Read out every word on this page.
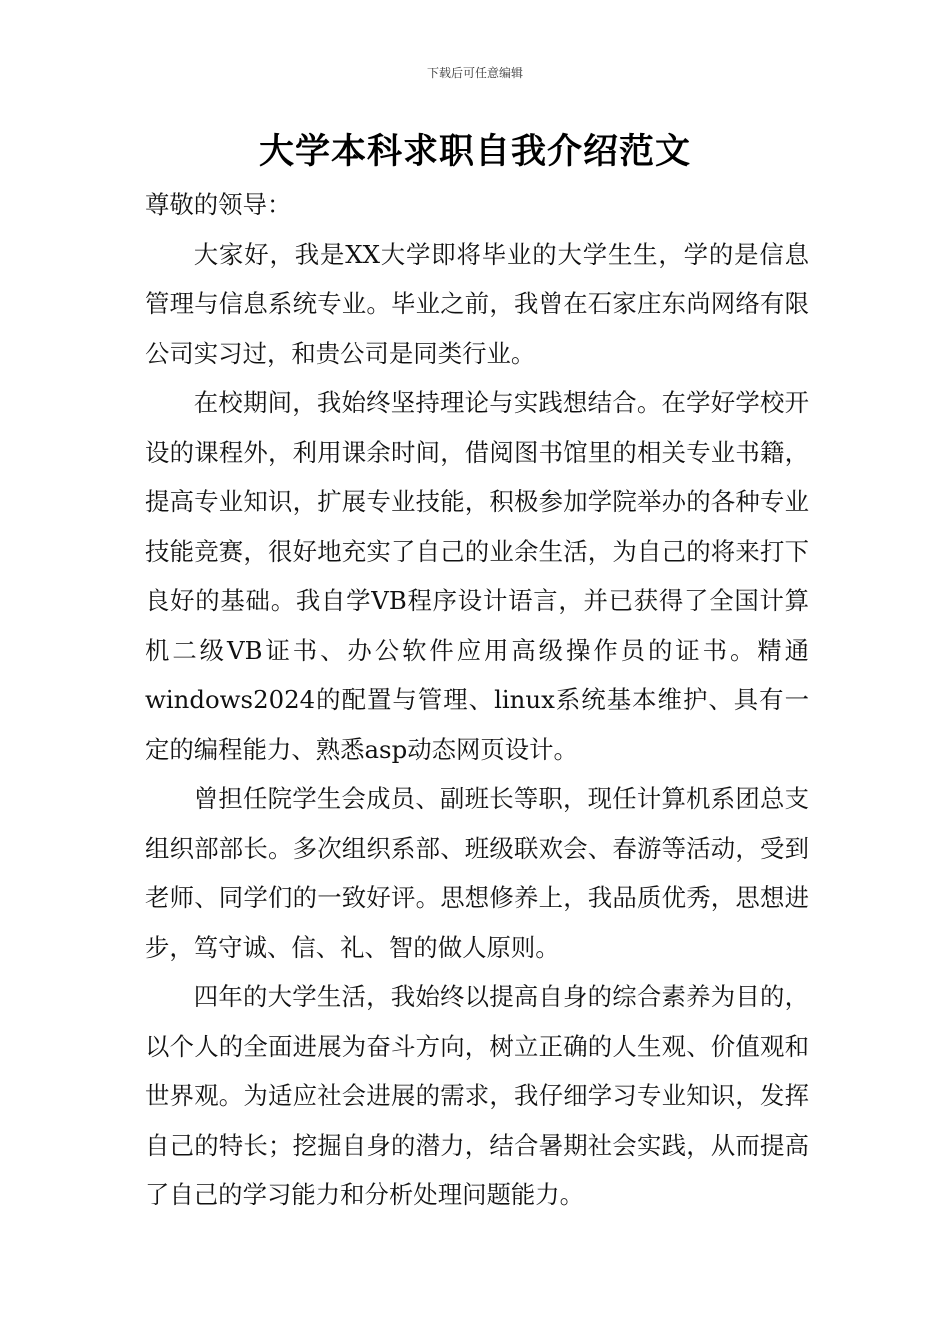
下载后可任意编辑
大学本科求职自我介绍范文

尊敬的领导：

大家好，我是XX大学即将毕业的大学生生，学的是信息管理与信息系统专业。毕业之前，我曾在石家庄东尚网络有限公司实习过，和贵公司是同类行业。

在校期间，我始终坚持理论与实践想结合。在学好学校开设的课程外，利用课余时间，借阅图书馆里的相关专业书籍，提高专业知识，扩展专业技能，积极参加学院举办的各种专业技能竞赛，很好地充实了自己的业余生活，为自己的将来打下良好的基础。我自学VB程序设计语言，并已获得了全国计算机二级VB证书、办公软件应用高级操作员的证书。精通windows2024的配置与管理、linux系统基本维护、具有一定的编程能力、熟悉asp动态网页设计。

曾担任院学生会成员、副班长等职，现任计算机系团总支组织部部长。多次组织系部、班级联欢会、春游等活动，受到老师、同学们的一致好评。思想修养上，我品质优秀，思想进步，笃守诚、信、礼、智的做人原则。

四年的大学生活，我始终以提高自身的综合素养为目的，以个人的全面进展为奋斗方向，树立正确的人生观、价值观和世界观。为适应社会进展的需求，我仔细学习专业知识，发挥自己的特长；挖掘自身的潜力，结合暑期社会实践，从而提高了自己的学习能力和分析处理问题能力。
